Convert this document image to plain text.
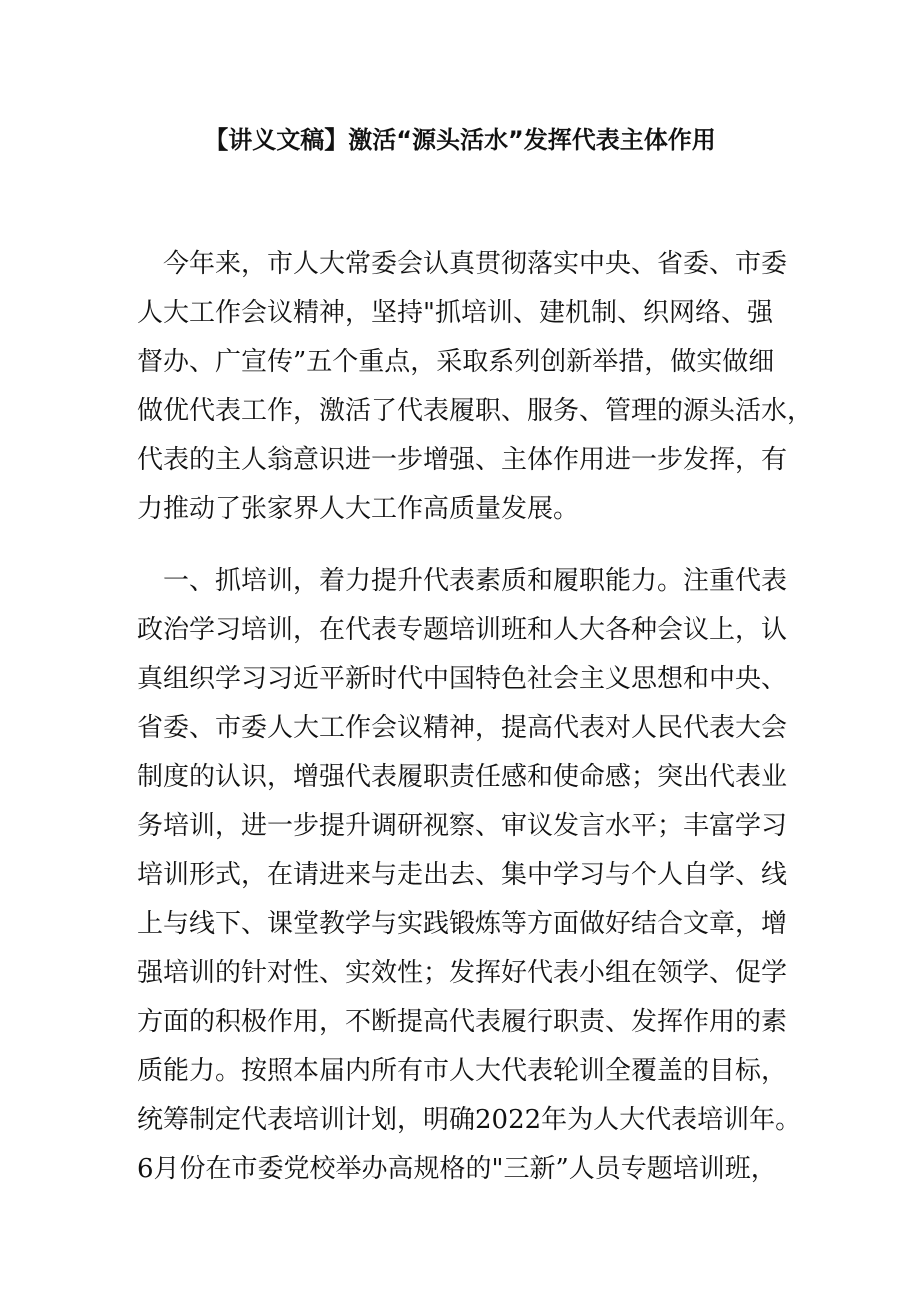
【讲义文稿】激活“源头活水”发挥代表主体作用
　今年来，市人大常委会认真贯彻落实中央、省委、市委
人大工作会议精神，坚持"抓培训、建机制、织网络、强
督办、广宣传”五个重点，采取系列创新举措，做实做细
做优代表工作，激活了代表履职、服务、管理的源头活水，
代表的主人翁意识进一步增强、主体作用进一步发挥，有
力推动了张家界人大工作高质量发展。
　一、抓培训，着力提升代表素质和履职能力。注重代表
政治学习培训，在代表专题培训班和人大各种会议上，认
真组织学习习近平新时代中国特色社会主义思想和中央、
省委、市委人大工作会议精神，提高代表对人民代表大会
制度的认识，增强代表履职责任感和使命感；突出代表业
务培训，进一步提升调研视察、审议发言水平；丰富学习
培训形式，在请进来与走出去、集中学习与个人自学、线
上与线下、课堂教学与实践锻炼等方面做好结合文章，增
强培训的针对性、实效性；发挥好代表小组在领学、促学
方面的积极作用，不断提高代表履行职责、发挥作用的素
质能力。按照本届内所有市人大代表轮训全覆盖的目标，
统筹制定代表培训计划，明确2022年为人大代表培训年。
6月份在市委党校举办高规格的"三新”人员专题培训班，
